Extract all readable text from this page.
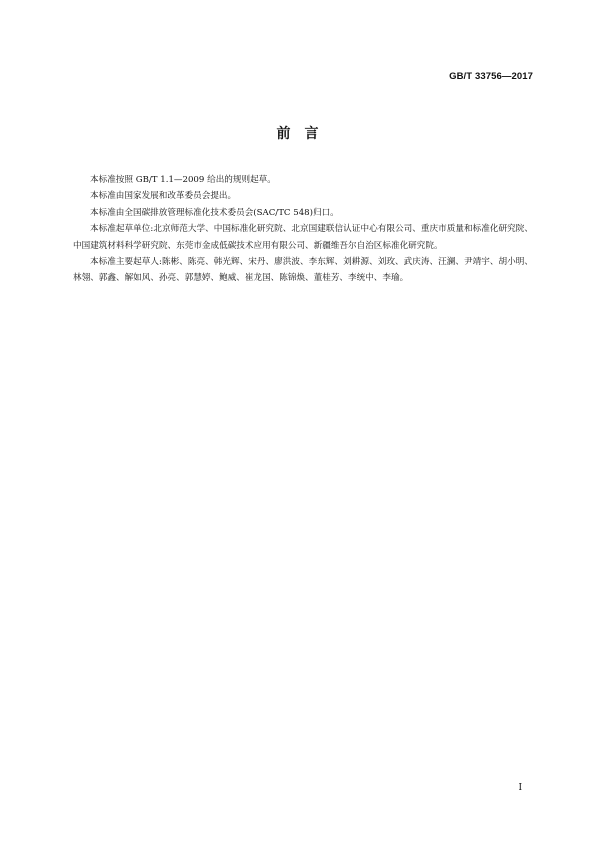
GB/T 33756—2017
前言

本标准按照 GB/T 1.1—2009 给出的规则起草。

本标准由国家发展和改革委员会提出。

本标准由全国碳排放管理标准化技术委员会(SAC/TC 548)归口。

本标准起草单位:北京师范大学、中国标准化研究院、北京国建联信认证中心有限公司、重庆市质量和标准化研究院、中国建筑材料科学研究院、东莞市金成低碳技术应用有限公司、新疆维吾尔自治区标准化研究院。

本标准主要起草人:陈彬、陈亮、韩光辉、宋丹、廖洪波、李东辉、刘耕源、刘玫、武庆涛、汪澜、尹靖宇、胡小明、林翎、郭鑫、解如风、孙亮、郭慧婷、鲍威、崔龙国、陈锦焕、董桂芳、李统中、李瑜。

I
